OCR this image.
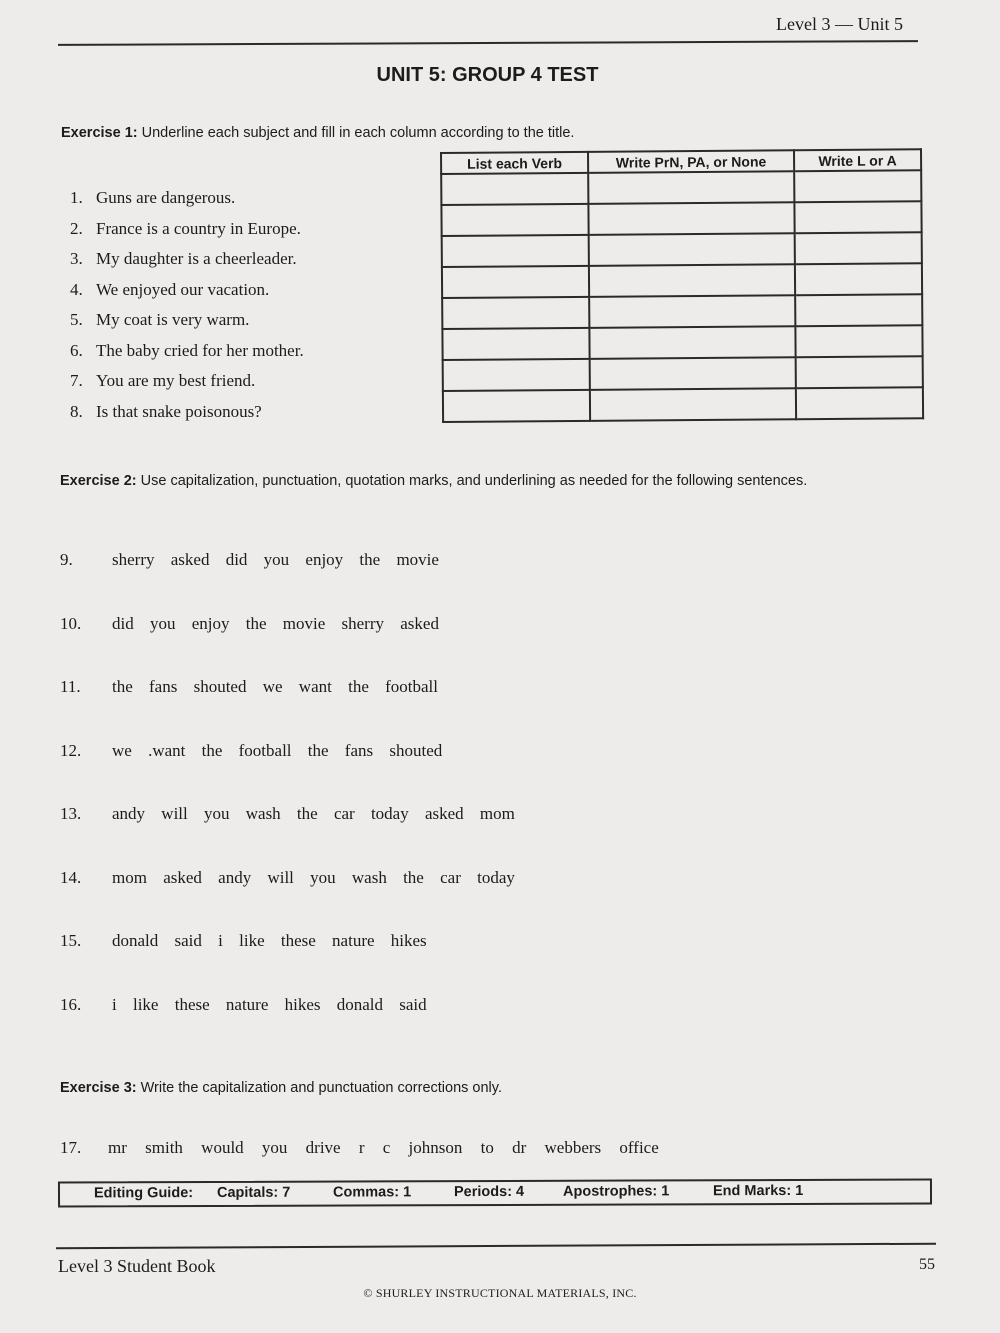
Level 3 — Unit 5
UNIT 5: GROUP 4 TEST
Exercise 1: Underline each subject and fill in each column according to the title.
1. Guns are dangerous.
2. France is a country in Europe.
3. My daughter is a cheerleader.
4. We enjoyed our vacation.
5. My coat is very warm.
6. The baby cried for her mother.
7. You are my best friend.
8. Is that snake poisonous?
List each Verb	Write PrN, PA, or None	Write L or A

Exercise 2: Use capitalization, punctuation, quotation marks, and underlining as needed for the following sentences.
9. sherry asked did you enjoy the movie
10. did you enjoy the movie sherry asked
11. the fans shouted we want the football
12. we .want the football the fans shouted
13. andy will you wash the car today asked mom
14. mom asked andy will you wash the car today
15. donald said i like these nature hikes
16. i like these nature hikes donald said
Exercise 3: Write the capitalization and punctuation corrections only.
17. mr smith would you drive r c johnson to dr webbers office
Editing Guide: Capitals: 7	Commas: 1	Periods: 4	Apostrophes: 1	End Marks: 1
Level 3 Student Book	55
© SHURLEY INSTRUCTIONAL MATERIALS, INC.
